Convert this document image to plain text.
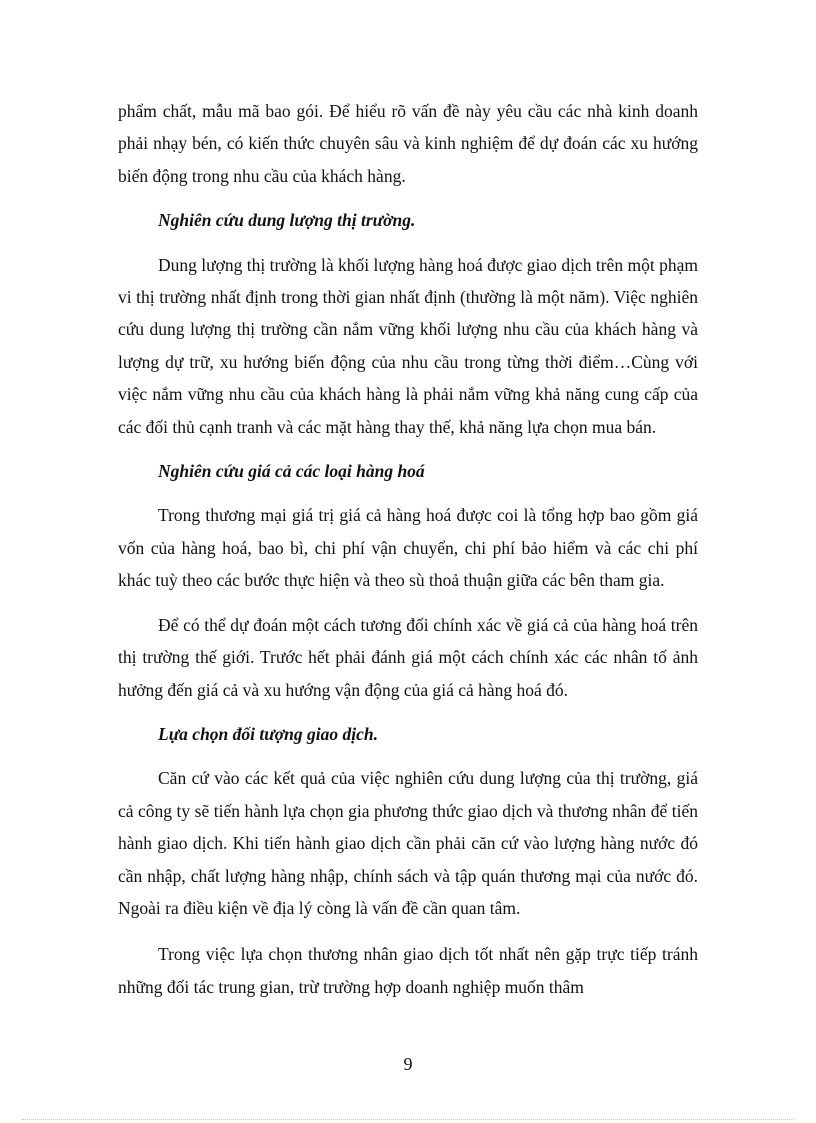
phẩm chất, mẫu mã bao gói. Để hiểu rõ vấn đề này yêu cầu các nhà kinh doanh phải nhạy bén, có kiến thức chuyên sâu và kinh nghiệm để dự đoán các xu hướng biến động trong nhu cầu của khách hàng.

Nghiên cứu dung lượng thị trường.

Dung lượng thị trường là khối lượng hàng hoá được giao dịch trên một phạm vi thị trường nhất định trong thời gian nhất định (thường là một năm). Việc nghiên cứu dung lượng thị trường cần nắm vững khối lượng nhu cầu của khách hàng và lượng dự trữ, xu hướng biến động của nhu cầu trong từng thời điểm…Cùng với việc nắm vững nhu cầu của khách hàng là phải nắm vững khả năng cung cấp của các đối thủ cạnh tranh và các mặt hàng thay thế, khả năng lựa chọn mua bán.

Nghiên cứu giá cả các loại hàng hoá

Trong thương mại giá trị giá cả hàng hoá được coi là tổng hợp bao gồm giá vốn của hàng hoá, bao bì, chi phí vận chuyển, chi phí bảo hiểm và các chi phí khác tuỳ theo các bước thực hiện và theo sù thoả thuận giữa các bên tham gia.

Để có thể dự đoán một cách tương đối chính xác về giá cả của hàng hoá trên thị trường thế giới. Trước hết phải đánh giá một cách chính xác các nhân tố ảnh hưởng đến giá cả và xu hướng vận động của giá cả hàng hoá đó.

Lựa chọn đối tượng giao dịch.

Căn cứ vào các kết quả của việc nghiên cứu dung lượng của thị trường, giá cả công ty sẽ tiến hành lựa chọn gia phương thức giao dịch và thương nhân để tiến hành giao dịch. Khi tiến hành giao dịch cần phải căn cứ vào lượng hàng nước đó cần nhập, chất lượng hàng nhập, chính sách và tập quán thương mại của nước đó. Ngoài ra điều kiện về địa lý còng là vấn đề cần quan tâm.

Trong việc lựa chọn thương nhân giao dịch tốt nhất nên gặp trực tiếp tránh những đối tác trung gian, trừ trường hợp doanh nghiệp muốn thâm

9
